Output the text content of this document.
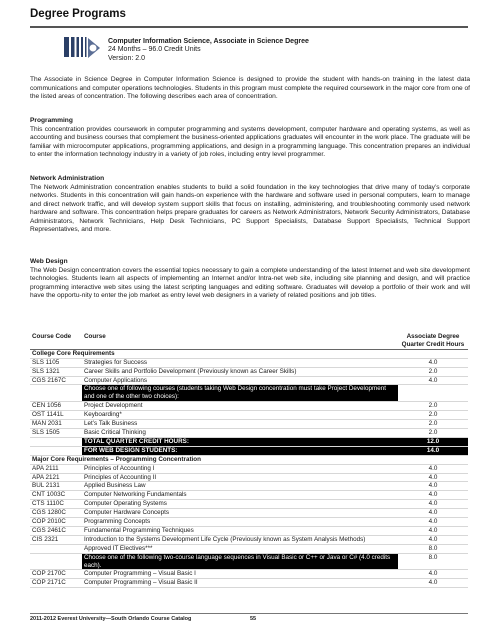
Degree Programs
Computer Information Science, Associate in Science Degree
24 Months – 96.0 Credit Units
Version: 2.0

The Associate in Science Degree in Computer Information Science is designed to provide the student with hands-on training in the latest data communications and computer operations technologies. Students in this program must complete the required coursework in the major core from one of the listed areas of concentration. The following describes each area of concentration.

Programming

This concentration provides coursework in computer programming and systems development, computer hardware and operating systems, as well as accounting and business courses that complement the business-oriented applications graduates will encounter in the work place. The graduate will be familiar with microcomputer applications, programming applications, and design in a programming language. This concentration prepares an individual to enter the information technology industry in a variety of job roles, including entry level programmer.

Network Administration

The Network Administration concentration enables students to build a solid foundation in the key technologies that drive many of today’s corporate networks. Students in this concentration will gain hands-on experience with the hardware and software used in personal computers, learn to manage and direct network traffic, and will develop system support skills that focus on installing, administering, and troubleshooting commonly used network hardware and software. This concentration helps prepare graduates for careers as Network Administrators, Network Security Administrators, Database Administrators, Network Technicians, Help Desk Technicians, PC Support Specialists, Database Support Specialists, Technical Support Representatives, and more.

Web Design

The Web Design concentration covers the essential topics necessary to gain a complete understanding of the latest Internet and web site development technologies. Students learn all aspects of implementing an Internet and/or Intra-net web site, including site planning and design, and will practice programming interactive web sites using the latest scripting languages and editing software. Graduates will develop a portfolio of their work and will have the opportu-nity to enter the job market as entry level web designers in a variety of related positions and job titles.

Course Code	Course	Associate Degree Quarter Credit Hours
College Core Requirements		
SLS 1105	Strategies for Success	4.0
SLS 1321	Career Skills and Portfolio Development (Previously known as Career Skills)	2.0
CGS 2167C	Computer Applications	4.0
	Choose one of following courses (students taking Web Design concentration must take Project Development and one of the other two choices):	
CEN 1056	Project Development	2.0
OST 1141L	Keyboarding*	2.0
MAN 2031	Let’s Talk Business	2.0
SLS 1505	Basic Critical Thinking	2.0
	TOTAL QUARTER CREDIT HOURS:	12.0
	FOR WEB DESIGN STUDENTS:	14.0
Major Core Requirements – Programming Concentration		
APA 2111	Principles of Accounting I	4.0
APA 2121	Principles of Accounting II	4.0
BUL 2131	Applied Business Law	4.0
CNT 1003C	Computer Networking Fundamentals	4.0
CTS 1110C	Computer Operating Systems	4.0
CGS 1280C	Computer Hardware Concepts	4.0
COP 2010C	Programming Concepts	4.0
CGS 2461C	Fundamental Programming Techniques	4.0
CIS 2321	Introduction to the Systems Development Life Cycle (Previously known as System Analysis Methods)	4.0
	Approved IT Electives***	8.0
	Choose one of the following two-course language sequences in Visual Basic or C++ or Java or C# (4.0 credits each).	8.0
COP 2170C	Computer Programming – Visual Basic I	4.0
COP 2171C	Computer Programming – Visual Basic II	4.0
2011-2012 Everest University—South Orlando Course Catalog	55
